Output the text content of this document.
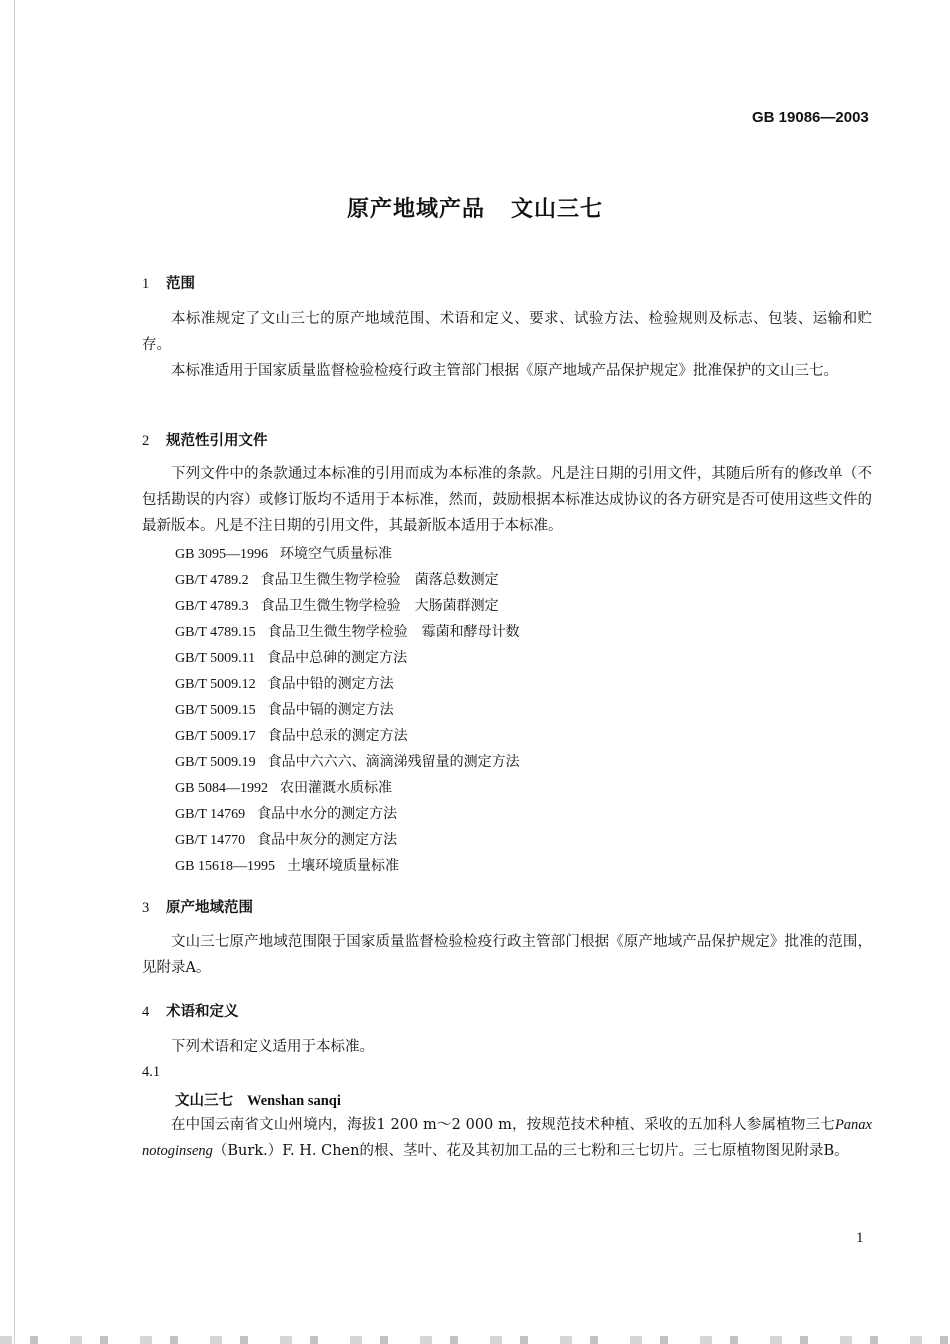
GB 19086—2003
原产地域产品 文山三七
1 范围
本标准规定了文山三七的原产地域范围、术语和定义、要求、试验方法、检验规则及标志、包装、运输和贮存。
本标准适用于国家质量监督检验检疫行政主管部门根据《原产地域产品保护规定》批准保护的文山三七。
2 规范性引用文件
下列文件中的条款通过本标准的引用而成为本标准的条款。凡是注日期的引用文件，其随后所有的修改单（不包括勘误的内容）或修订版均不适用于本标准，然而，鼓励根据本标准达成协议的各方研究是否可使用这些文件的最新版本。凡是不注日期的引用文件，其最新版本适用于本标准。
GB 3095—1996 环境空气质量标准
GB/T 4789.2 食品卫生微生物学检验　菌落总数测定
GB/T 4789.3 食品卫生微生物学检验　大肠菌群测定
GB/T 4789.15 食品卫生微生物学检验　霉菌和酵母计数
GB/T 5009.11 食品中总砷的测定方法
GB/T 5009.12 食品中铅的测定方法
GB/T 5009.15 食品中镉的测定方法
GB/T 5009.17 食品中总汞的测定方法
GB/T 5009.19 食品中六六六、滴滴涕残留量的测定方法
GB 5084—1992 农田灌溉水质标准
GB/T 14769 食品中水分的测定方法
GB/T 14770 食品中灰分的测定方法
GB 15618—1995 土壤环境质量标准
3 原产地域范围
文山三七原产地域范围限于国家质量监督检验检疫行政主管部门根据《原产地域产品保护规定》批准的范围，见附录A。
4 术语和定义
下列术语和定义适用于本标准。
4.1
文山三七 Wenshan sanqi
在中国云南省文山州境内，海拔1 200 m～2 000 m，按规范技术种植、采收的五加科人参属植物三七Panax notoginseng（Burk.）F. H. Chen的根、茎叶、花及其初加工品的三七粉和三七切片。三七原植物图见附录B。
1
